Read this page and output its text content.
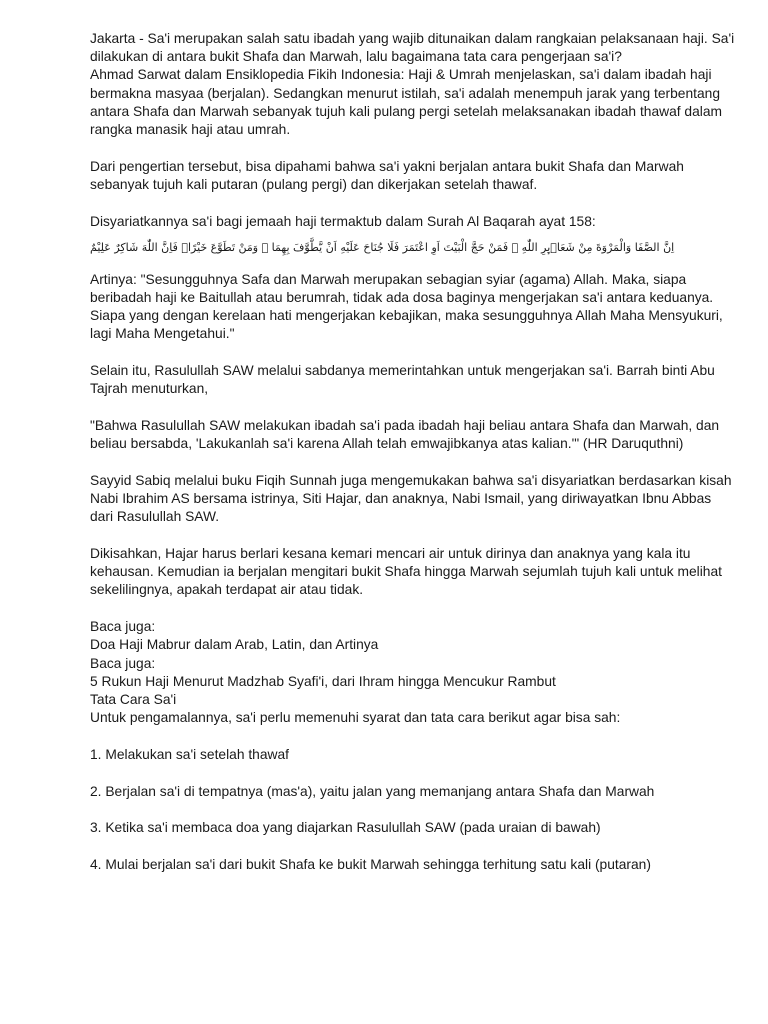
Jakarta - Sa'i merupakan salah satu ibadah yang wajib ditunaikan dalam rangkaian pelaksanaan haji. Sa'i
dilakukan di antara bukit Shafa dan Marwah, lalu bagaimana tata cara pengerjaan sa'i?
Ahmad Sarwat dalam Ensiklopedia Fikih Indonesia: Haji & Umrah menjelaskan, sa'i dalam ibadah haji
bermakna masyaa (berjalan). Sedangkan menurut istilah, sa'i adalah menempuh jarak yang terbentang
antara Shafa dan Marwah sebanyak tujuh kali pulang pergi setelah melaksanakan ibadah thawaf dalam
rangka manasik haji atau umrah.
Dari pengertian tersebut, bisa dipahami bahwa sa'i yakni berjalan antara bukit Shafa dan Marwah
sebanyak tujuh kali putaran (pulang pergi) dan dikerjakan setelah thawaf.
Disyariatkannya sa'i bagi jemaah haji termaktub dalam Surah Al Baqarah ayat 158:
اِنَّ الصَّفَا وَالْمَرْوَةَ مِنْ شَعَاۤىِٕرِ اللّٰهِ ۚ فَمَنْ حَجَّ الْبَيْتَ اَوِ اعْتَمَرَ فَلَا جُنَاحَ عَلَيْهِ اَنْ يَّطَّوَّفَ بِهِمَا ۗ وَمَنْ تَطَوَّعَ خَيْرًاۙ فَاِنَّ اللّٰهَ شَاكِرٌ عَلِيْمٌ
Artinya: "Sesungguhnya Safa dan Marwah merupakan sebagian syiar (agama) Allah. Maka, siapa
beribadah haji ke Baitullah atau berumrah, tidak ada dosa baginya mengerjakan sa'i antara keduanya.
Siapa yang dengan kerelaan hati mengerjakan kebajikan, maka sesungguhnya Allah Maha Mensyukuri,
lagi Maha Mengetahui."
Selain itu, Rasulullah SAW melalui sabdanya memerintahkan untuk mengerjakan sa'i. Barrah binti Abu
Tajrah menuturkan,
"Bahwa Rasulullah SAW melakukan ibadah sa'i pada ibadah haji beliau antara Shafa dan Marwah, dan
beliau bersabda, 'Lakukanlah sa'i karena Allah telah emwajibkanya atas kalian.'" (HR Daruquthni)
Sayyid Sabiq melalui buku Fiqih Sunnah juga mengemukakan bahwa sa'i disyariatkan berdasarkan kisah
Nabi Ibrahim AS bersama istrinya, Siti Hajar, dan anaknya, Nabi Ismail, yang diriwayatkan Ibnu Abbas
dari Rasulullah SAW.
Dikisahkan, Hajar harus berlari kesana kemari mencari air untuk dirinya dan anaknya yang kala itu
kehausan. Kemudian ia berjalan mengitari bukit Shafa hingga Marwah sejumlah tujuh kali untuk melihat
sekelilingnya, apakah terdapat air atau tidak.
Baca juga:
Doa Haji Mabrur dalam Arab, Latin, dan Artinya
Baca juga:
5 Rukun Haji Menurut Madzhab Syafi'i, dari Ihram hingga Mencukur Rambut
Tata Cara Sa'i
Untuk pengamalannya, sa'i perlu memenuhi syarat dan tata cara berikut agar bisa sah:
1. Melakukan sa'i setelah thawaf
2. Berjalan sa'i di tempatnya (mas'a), yaitu jalan yang memanjang antara Shafa dan Marwah
3. Ketika sa'i membaca doa yang diajarkan Rasulullah SAW (pada uraian di bawah)
4. Mulai berjalan sa'i dari bukit Shafa ke bukit Marwah sehingga terhitung satu kali (putaran)
